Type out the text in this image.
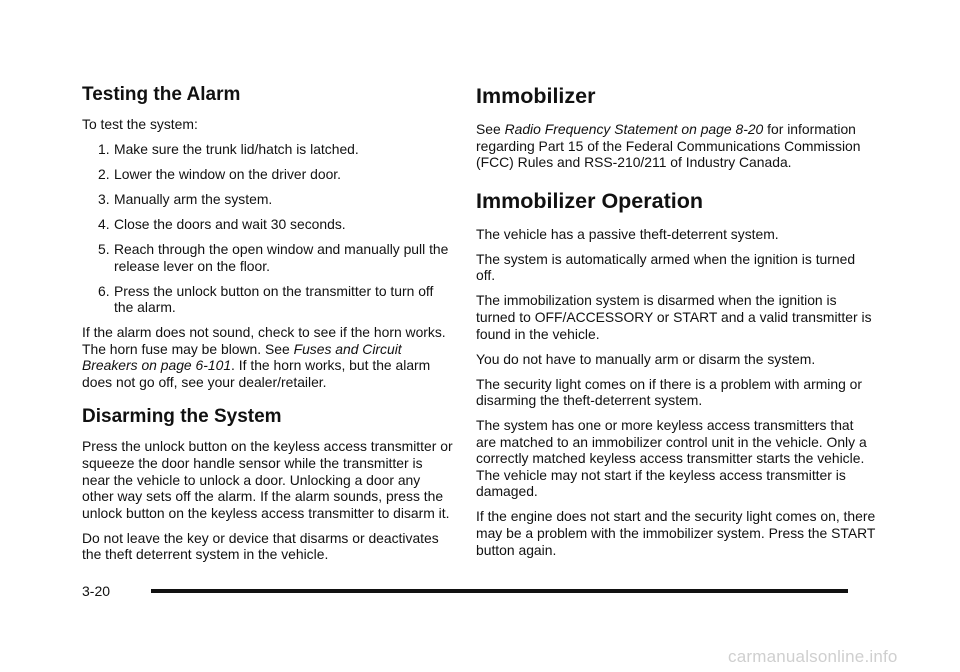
Testing the Alarm

To test the system:

1. Make sure the trunk lid/hatch is latched.
2. Lower the window on the driver door.
3. Manually arm the system.
4. Close the doors and wait 30 seconds.
5. Reach through the open window and manually pull the release lever on the floor.
6. Press the unlock button on the transmitter to turn off the alarm.

If the alarm does not sound, check to see if the horn works. The horn fuse may be blown. See Fuses and Circuit Breakers on page 6-101. If the horn works, but the alarm does not go off, see your dealer/retailer.

Disarming the System

Press the unlock button on the keyless access transmitter or squeeze the door handle sensor while the transmitter is near the vehicle to unlock a door. Unlocking a door any other way sets off the alarm. If the alarm sounds, press the unlock button on the keyless access transmitter to disarm it.

Do not leave the key or device that disarms or deactivates the theft deterrent system in the vehicle.

Immobilizer

See Radio Frequency Statement on page 8-20 for information regarding Part 15 of the Federal Communications Commission (FCC) Rules and RSS-210/211 of Industry Canada.

Immobilizer Operation

The vehicle has a passive theft-deterrent system.

The system is automatically armed when the ignition is turned off.

The immobilization system is disarmed when the ignition is turned to OFF/ACCESSORY or START and a valid transmitter is found in the vehicle.

You do not have to manually arm or disarm the system.

The security light comes on if there is a problem with arming or disarming the theft-deterrent system.

The system has one or more keyless access transmitters that are matched to an immobilizer control unit in the vehicle. Only a correctly matched keyless access transmitter starts the vehicle. The vehicle may not start if the keyless access transmitter is damaged.

If the engine does not start and the security light comes on, there may be a problem with the immobilizer system. Press the START button again.

3-20
carmanualsonline.info
